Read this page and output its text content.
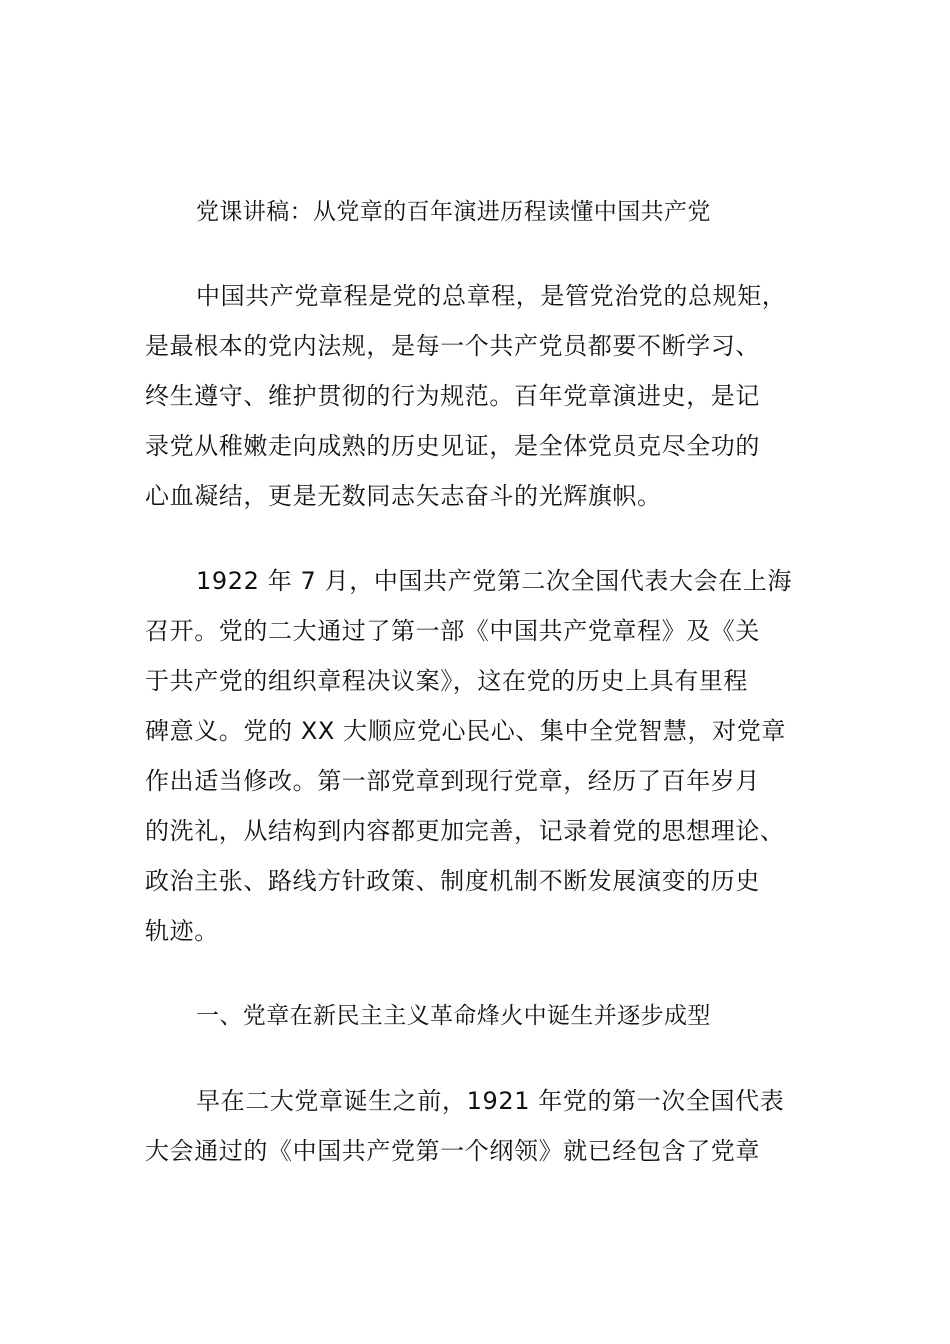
党课讲稿：从党章的百年演进历程读懂中国共产党
中国共产党章程是党的总章程，是管党治党的总规矩，
是最根本的党内法规，是每一个共产党员都要不断学习、
终生遵守、维护贯彻的行为规范。百年党章演进史，是记
录党从稚嫩走向成熟的历史见证，是全体党员克尽全功的
心血凝结，更是无数同志矢志奋斗的光辉旗帜。
1922 年 7 月，中国共产党第二次全国代表大会在上海
召开。党的二大通过了第一部《中国共产党章程》及《关
于共产党的组织章程决议案》，这在党的历史上具有里程
碑意义。党的 XX 大顺应党心民心、集中全党智慧，对党章
作出适当修改。第一部党章到现行党章，经历了百年岁月
的洗礼，从结构到内容都更加完善，记录着党的思想理论、
政治主张、路线方针政策、制度机制不断发展演变的历史
轨迹。
一、党章在新民主主义革命烽火中诞生并逐步成型
早在二大党章诞生之前，1921 年党的第一次全国代表
大会通过的《中国共产党第一个纲领》就已经包含了党章
